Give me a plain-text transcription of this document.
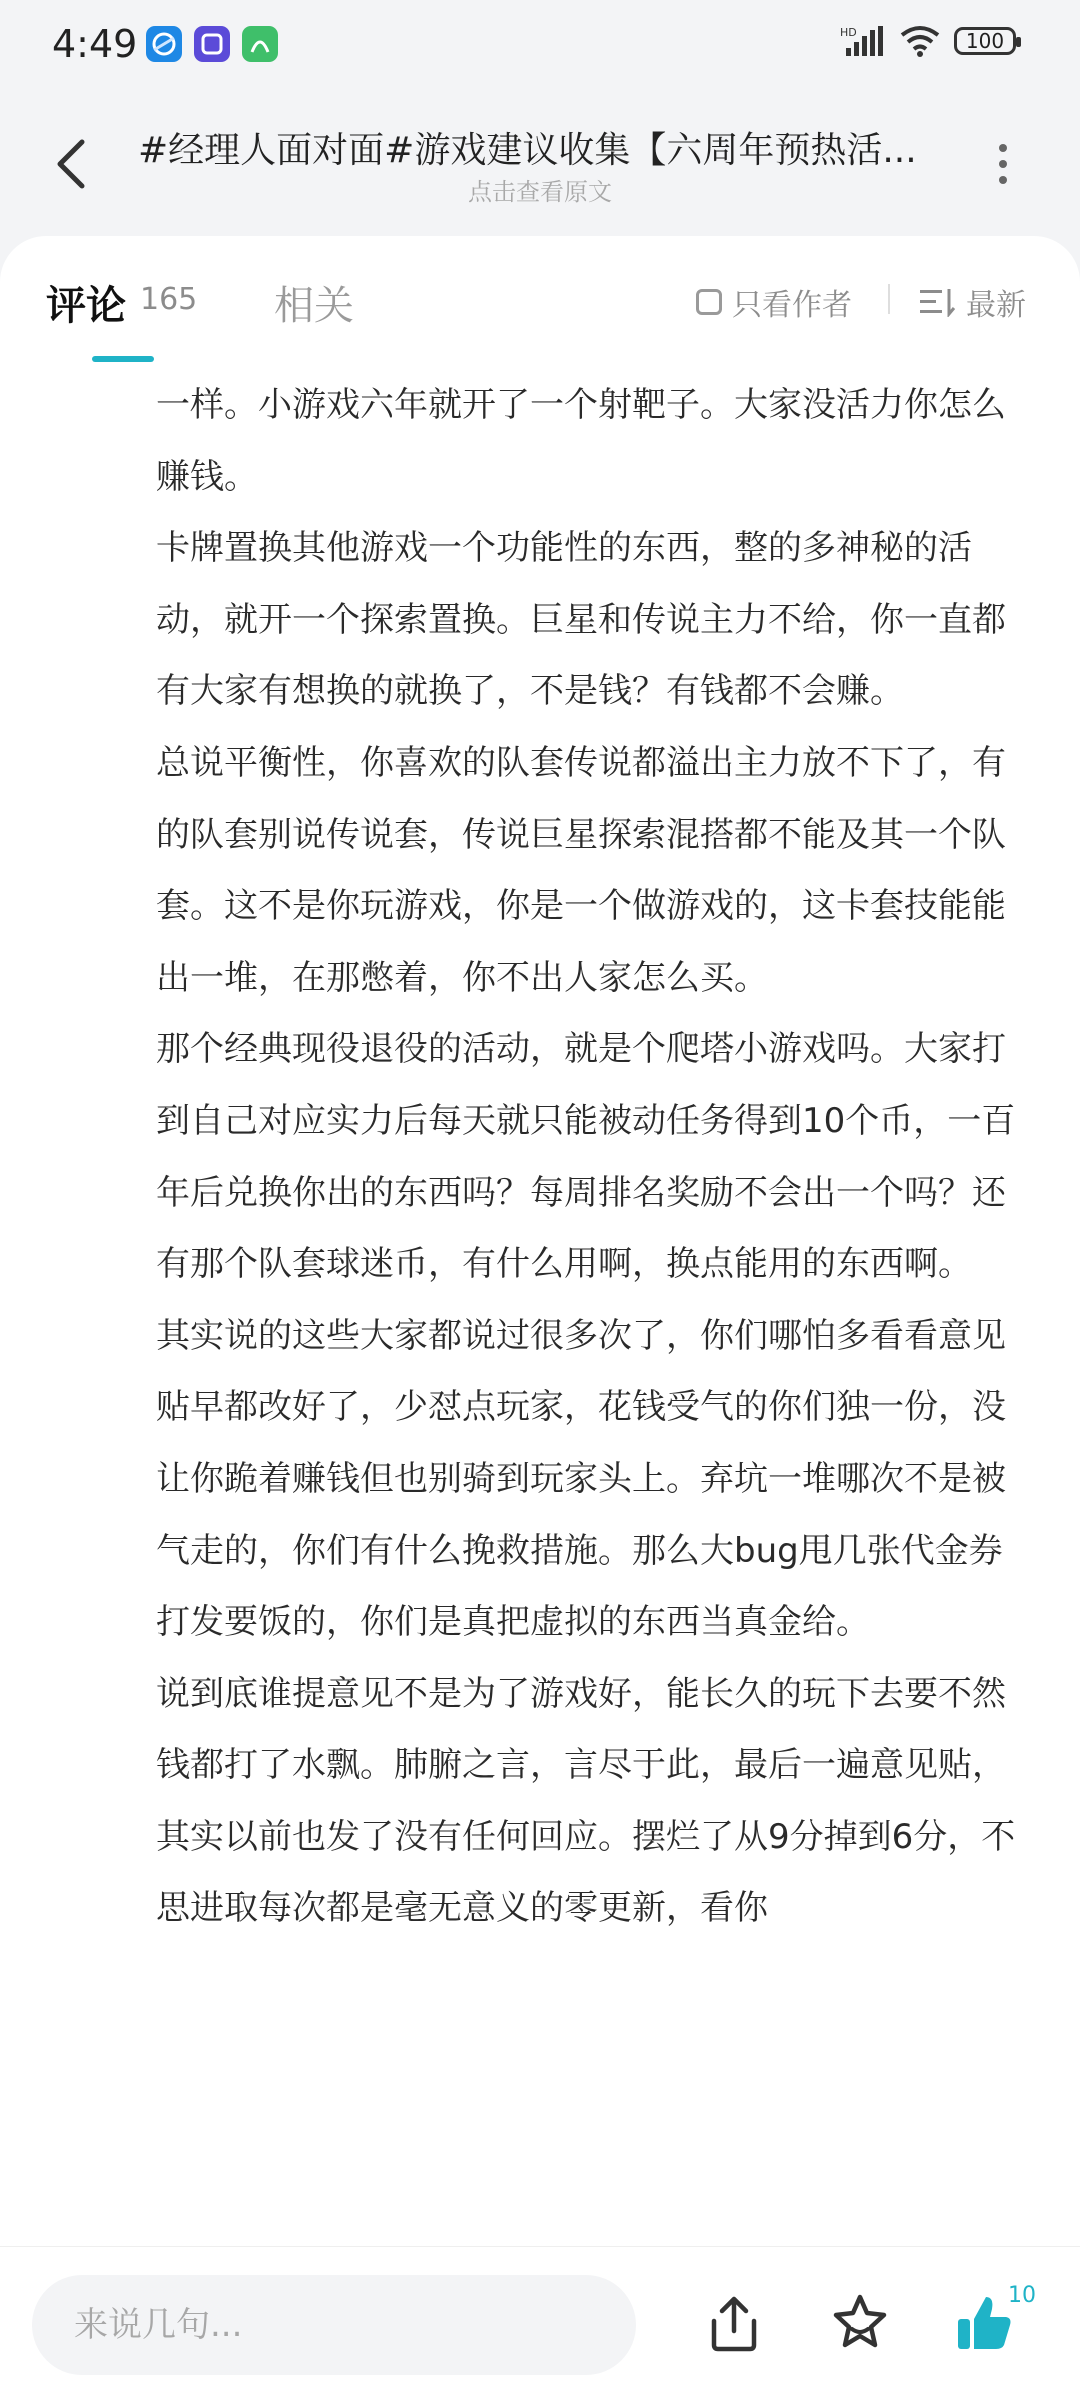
4:49	HD	100
#经理人面对面#游戏建议收集【六周年预热活...
点击查看原文
评论 165 相关	只看作者	最新

一样。小游戏六年就开了一个射靶子。大家没活力你怎么赚钱。

卡牌置换其他游戏一个功能性的东西，整的多神秘的活动，就开一个探索置换。巨星和传说主力不给，你一直都有大家有想换的就换了，不是钱？有钱都不会赚。

总说平衡性，你喜欢的队套传说都溢出主力放不下了，有的队套别说传说套，传说巨星探索混搭都不能及其一个队套。这不是你玩游戏，你是一个做游戏的，这卡套技能能出一堆，在那憋着，你不出人家怎么买。

那个经典现役退役的活动，就是个爬塔小游戏吗。大家打到自己对应实力后每天就只能被动任务得到10个币，一百年后兑换你出的东西吗？每周排名奖励不会出一个吗？还有那个队套球迷币，有什么用啊，换点能用的东西啊。

其实说的这些大家都说过很多次了，你们哪怕多看看意见贴早都改好了，少怼点玩家，花钱受气的你们独一份，没让你跪着赚钱但也别骑到玩家头上。弃坑一堆哪次不是被气走的，你们有什么挽救措施。那么大bug甩几张代金券打发要饭的，你们是真把虚拟的东西当真金给。

说到底谁提意见不是为了游戏好，能长久的玩下去要不然钱都打了水飘。肺腑之言，言尽于此，最后一遍意见贴，其实以前也发了没有任何回应。摆烂了从9分掉到6分，不思进取每次都是毫无意义的零更新，看你

来说几句...
10
